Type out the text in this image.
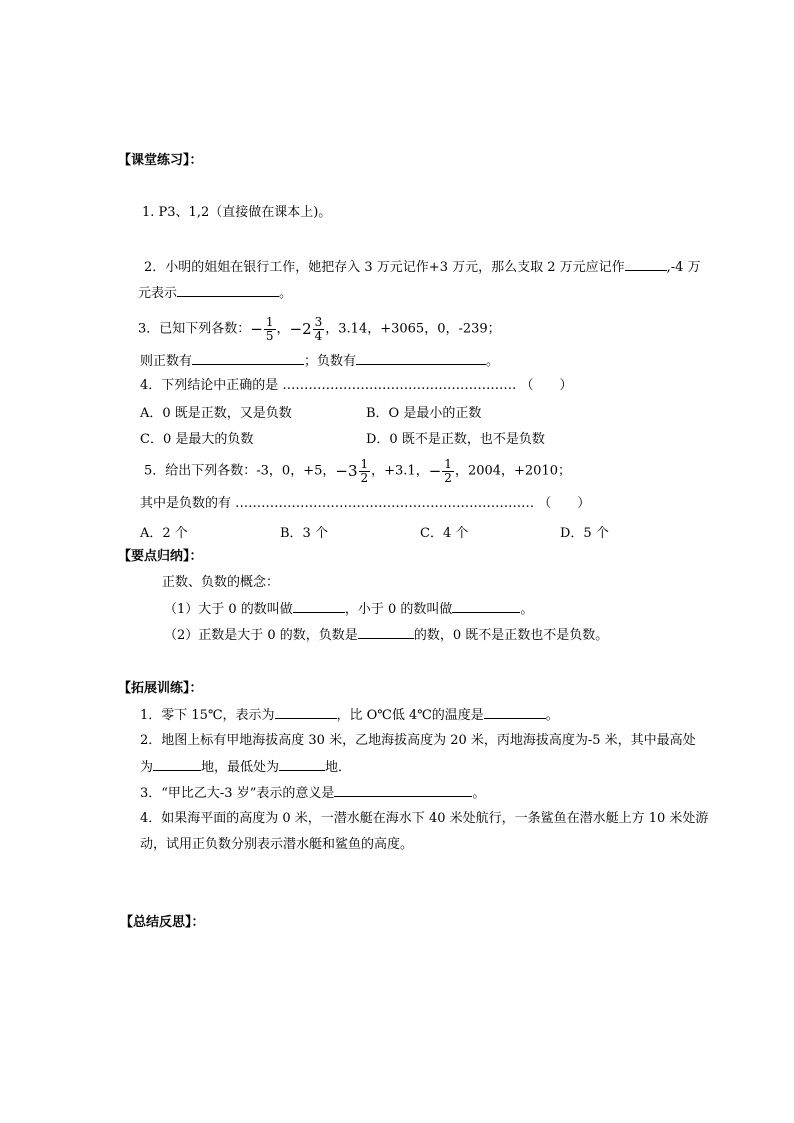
【课堂练习】：
1. P3、1,2（直接做在课本上)。
2．小明的姐姐在银行工作，她把存入 3 万元记作+3 万元，那么支取 2 万元应记作	,-4 万
元表示	。
3．已知下列各数：− $\frac{1}{5}$ ，$-2 \frac{3}{4}$ ，3.14，+3065，0，-239；
则正数有	；负数有	。
4．下列结论中正确的是 ……………………………………………… （　　）
A．0 既是正数，又是负数	B．O 是最小的正数
C．0 是最大的负数	D．0 既不是正数，也不是负数
5．给出下列各数：-3，0，+5，$-3 \frac{1}{2}$ ，+3.1，− $\frac{1}{2}$ ，2004，+2010；
其中是负数的有 …………………………………………………………… （　　）
A．2 个	B．3 个	C．4 个	D．5 个
【要点归纳】：
正数、负数的概念：
（1）大于 0 的数叫做	，小于 0 的数叫做	。
（2）正数是大于 0 的数，负数是	的数，0 既不是正数也不是负数。
【拓展训练】：
1．零下 15℃，表示为	，比 O℃低 4℃的温度是	。
2．地图上标有甲地海拔高度 30 米，乙地海拔高度为 20 米，丙地海拔高度为-5 米，其中最高处
为	地，最低处为	地．
3．“甲比乙大-3 岁”表示的意义是	。
4．如果海平面的高度为 0 米，一潜水艇在海水下 40 米处航行，一条鲨鱼在潜水艇上方 10 米处游
动，试用正负数分别表示潜水艇和鲨鱼的高度。
【总结反思】：
